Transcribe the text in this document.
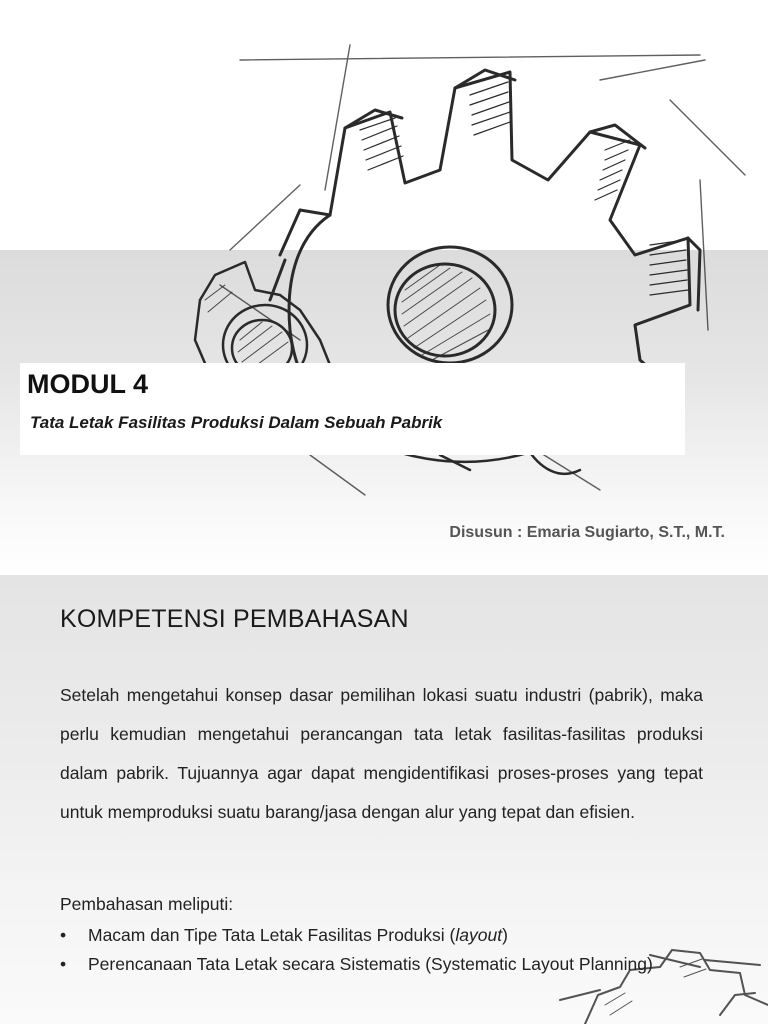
MODUL 4

Tata Letak Fasilitas Produksi Dalam Sebuah Pabrik

Disusun : Emaria Sugiarto, S.T., M.T.
KOMPETENSI PEMBAHASAN

Setelah mengetahui konsep dasar pemilihan lokasi suatu industri (pabrik), maka perlu kemudian mengetahui perancangan tata letak fasilitas-fasilitas produksi dalam pabrik. Tujuannya agar dapat mengidentifikasi proses-proses yang tepat untuk memproduksi suatu barang/jasa dengan alur yang tepat dan efisien.

Pembahasan meliputi:

• Macam dan Tipe Tata Letak Fasilitas Produksi (layout)
• Perencanaan Tata Letak secara Sistematis (Systematic Layout Planning)
